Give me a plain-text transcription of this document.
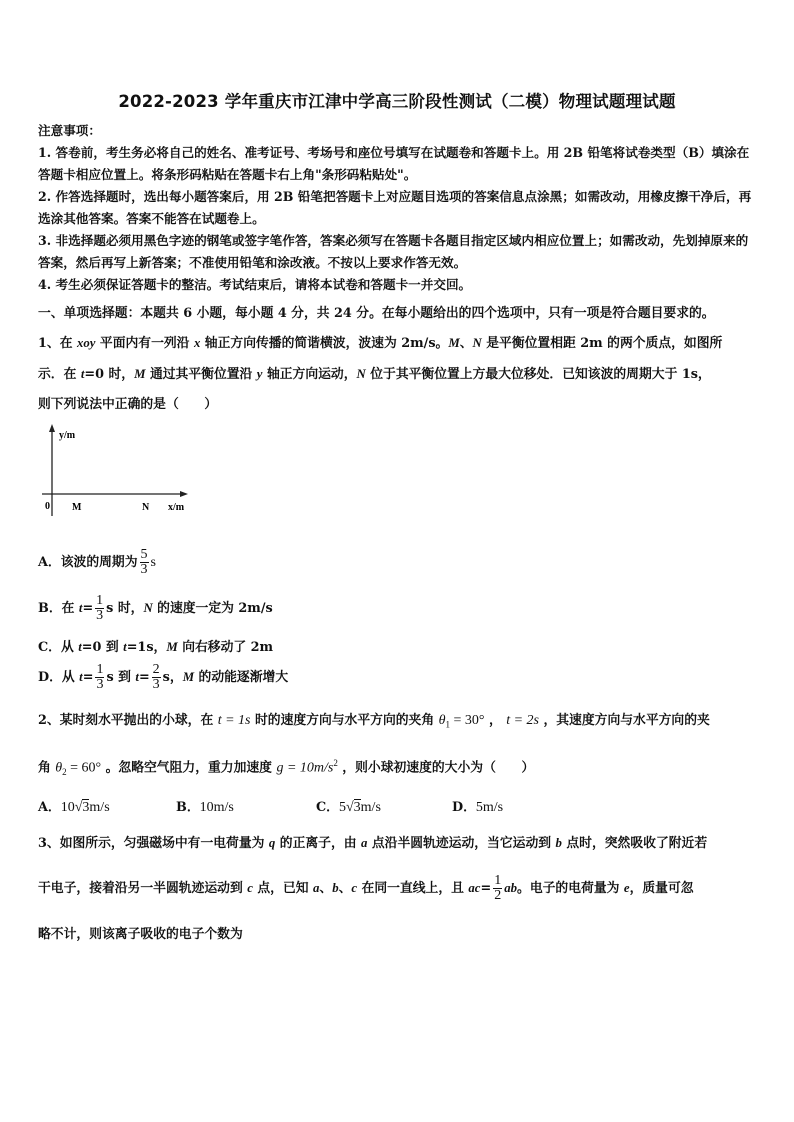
2022-2023 学年重庆市江津中学高三阶段性测试（二模）物理试题理试题

注意事项：

1. 答卷前，考生务必将自己的姓名、准考证号、考场号和座位号填写在试题卷和答题卡上。用 2B 铅笔将试卷类型（B）填涂在答题卡相应位置上。将条形码粘贴在答题卡右上角"条形码粘贴处"。

2. 作答选择题时，选出每小题答案后，用 2B 铅笔把答题卡上对应题目选项的答案信息点涂黑；如需改动，用橡皮擦干净后，再选涂其他答案。答案不能答在试题卷上。

3. 非选择题必须用黑色字迹的钢笔或签字笔作答，答案必须写在答题卡各题目指定区域内相应位置上；如需改动，先划掉原来的答案，然后再写上新答案；不准使用铅笔和涂改液。不按以上要求作答无效。

4. 考生必须保证答题卡的整洁。考试结束后，请将本试卷和答题卡一并交回。

一、单项选择题：本题共 6 小题，每小题 4 分，共 24 分。在每小题给出的四个选项中，只有一项是符合题目要求的。

1、在 xoy 平面内有一列沿 x 轴正方向传播的简谐横波，波速为 2m/s。M、N 是平衡位置相距 2m 的两个质点，如图所

示．在 t=0 时，M 通过其平衡位置沿 y 轴正方向运动，N 位于其平衡位置上方最大位移处．已知该波的周期大于 1s，

则下列说法中正确的是（　　）

y/m
x/m
0 M	N
A．该波的周期为 $\frac{5}{3}$ s
B．在 $t= \frac{1}{3}$ s 时，N 的速度一定为 2m/s
C．从 t=0 到 t=1s，M 向右移动了 2m
D．从 $t= \frac{1}{3}$ s 到 $t= \frac{2}{3}$ s，M 的动能逐渐增大

2、某时刻水平抛出的小球，在 t = 1s 时的速度方向与水平方向的夹角 $\theta_1 = 30^\circ$ ， t = 2s ，其速度方向与水平方向的夹

角 $\theta_2 = 60^\circ$ 。忽略空气阻力，重力加速度 $g = 10m/s^2$ ，则小球初速度的大小为（　　）

A．10√3m/s	B．10m/s	C．5√3m/s	D．5m/s

3、如图所示，匀强磁场中有一电荷量为 q 的正离子，由 a 点沿半圆轨迹运动，当它运动到 b 点时，突然吸收了附近若

干电子，接着沿另一半圆轨迹运动到 c 点，已知 a、b、c 在同一直线上，且 $ac= \frac{1}{2}$ ab。电子的电荷量为 e，质量可忽

略不计，则该离子吸收的电子个数为
